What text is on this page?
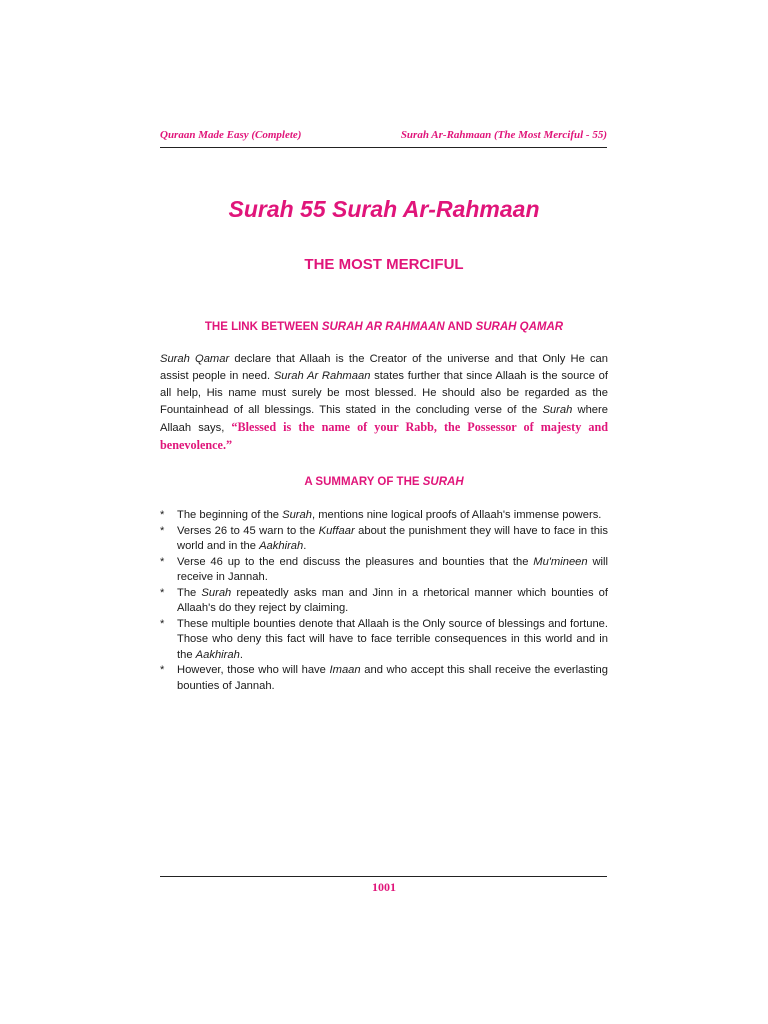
Quraan Made Easy (Complete)	Surah Ar-Rahmaan (The Most Merciful - 55)
Surah 55 Surah Ar-Rahmaan
THE MOST MERCIFUL
THE LINK BETWEEN SURAH AR RAHMAAN AND SURAH QAMAR
Surah Qamar declare that Allaah is the Creator of the universe and that Only He can assist people in need. Surah Ar Rahmaan states further that since Allaah is the source of all help, His name must surely be most blessed. He should also be regarded as the Fountainhead of all blessings. This stated in the concluding verse of the Surah where Allaah says, “Blessed is the name of your Rabb, the Possessor of majesty and benevolence.”
A SUMMARY OF THE SURAH
* The beginning of the Surah, mentions nine logical proofs of Allaah's immense powers.
* Verses 26 to 45 warn to the Kuffaar about the punishment they will have to face in this world and in the Aakhirah.
* Verse 46 up to the end discuss the pleasures and bounties that the Mu'mineen will receive in Jannah.
* The Surah repeatedly asks man and Jinn in a rhetorical manner which bounties of Allaah's do they reject by claiming.
* These multiple bounties denote that Allaah is the Only source of blessings and fortune. Those who deny this fact will have to face terrible consequences in this world and in the Aakhirah.
* However, those who will have Imaan and who accept this shall receive the everlasting bounties of Jannah.
1001
